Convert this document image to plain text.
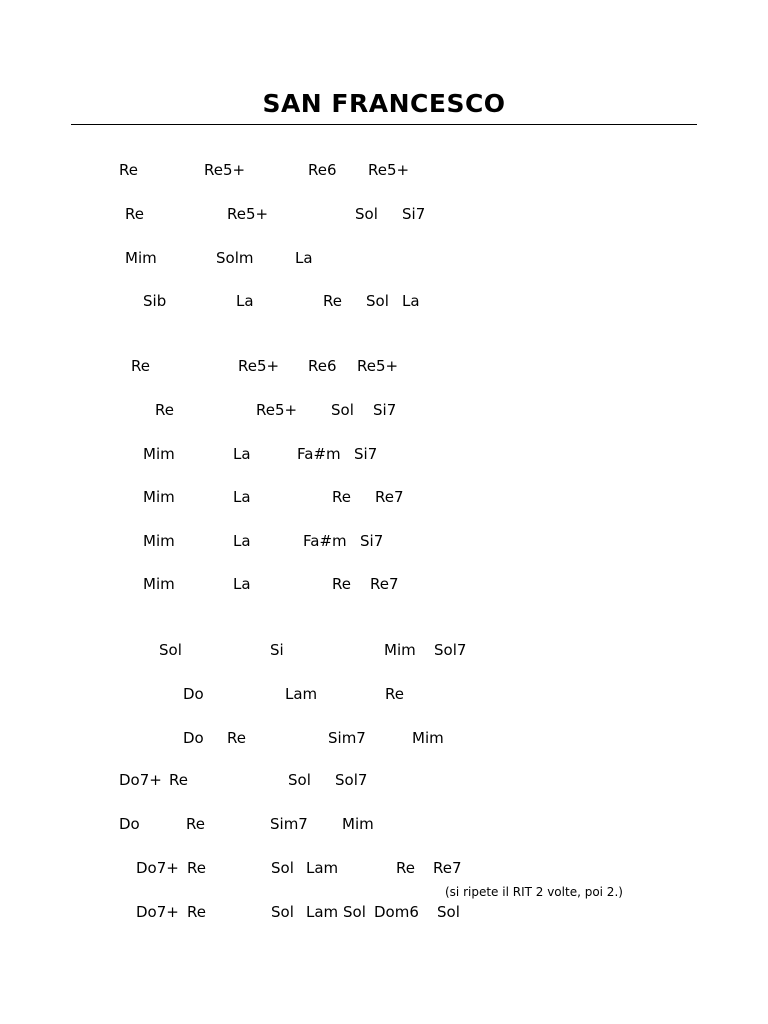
SAN FRANCESCO
Re	Re5+	Re6 Re5+
Re	Re5+	Sol Si7
Mim	Solm	La
Sib	La	Re Sol La
Re	Re5+ Re6 Re5+
Re	Re5+ Sol Si7
Mim	La	Fa#m Si7
Mim	La	Re Re7
Mim	La	Fa#m Si7
Mim	La	Re Re7
Sol	Si	Mim Sol7
Do	Lam	Re
Do Re	Sim7	Mim
Do7+ Re	Sol Sol7
Do	Re	Sim7 Mim
Do7+ Re	Sol Lam	Re Re7
(si ripete il RIT 2 volte, poi 2.)
Do7+ Re	Sol Lam Sol Dom6 Sol
